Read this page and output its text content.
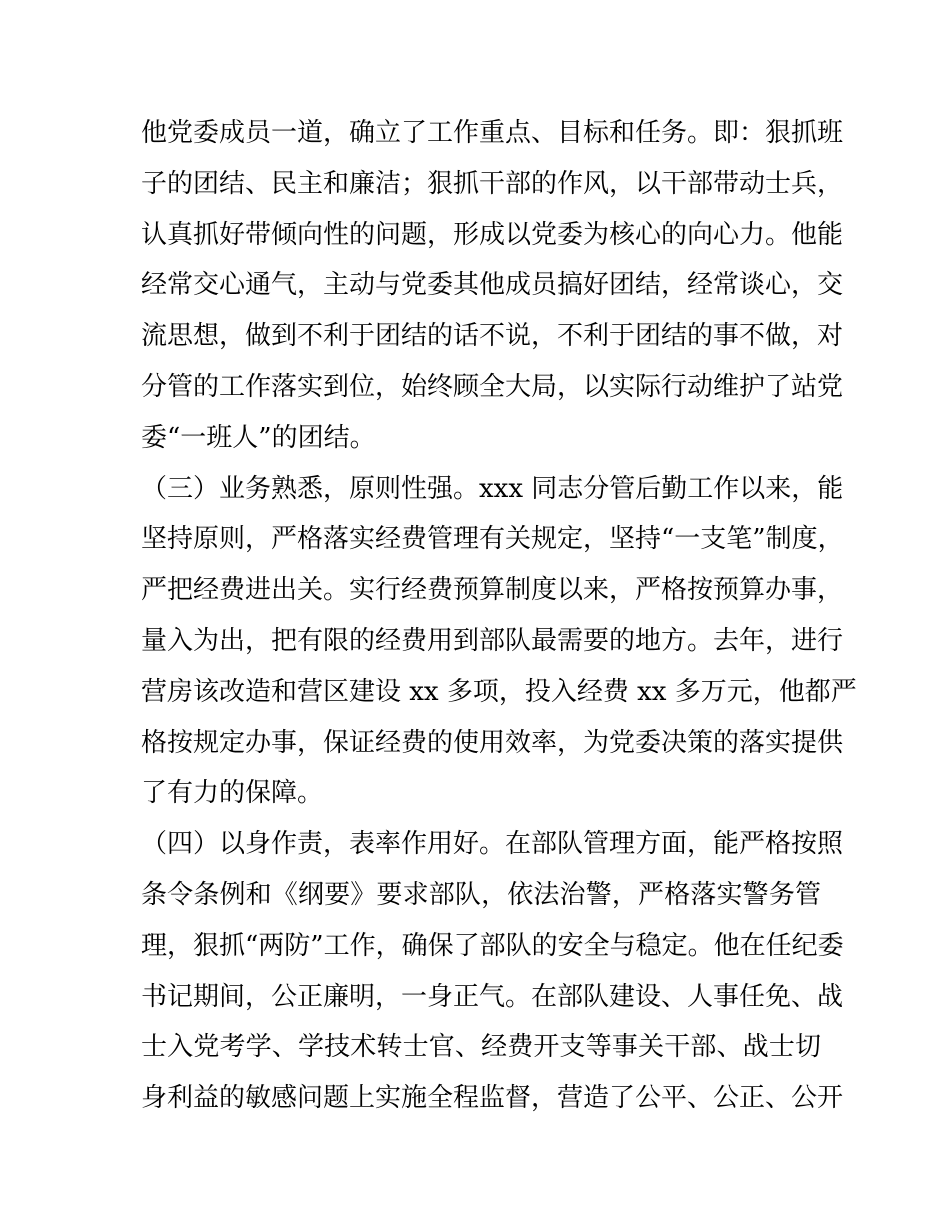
他党委成员一道，确立了工作重点、目标和任务。即：狠抓班
子的团结、民主和廉洁；狠抓干部的作风，以干部带动士兵，
认真抓好带倾向性的问题，形成以党委为核心的向心力。他能
经常交心通气，主动与党委其他成员搞好团结，经常谈心，交
流思想，做到不利于团结的话不说，不利于团结的事不做，对
分管的工作落实到位，始终顾全大局，以实际行动维护了站党
委“一班人”的团结。
（三）业务熟悉，原则性强。xxx 同志分管后勤工作以来，能
坚持原则，严格落实经费管理有关规定，坚持“一支笔”制度，
严把经费进出关。实行经费预算制度以来，严格按预算办事，
量入为出，把有限的经费用到部队最需要的地方。去年，进行
营房该改造和营区建设 xx 多项，投入经费 xx 多万元，他都严
格按规定办事，保证经费的使用效率，为党委决策的落实提供
了有力的保障。
（四）以身作责，表率作用好。在部队管理方面，能严格按照
条令条例和《纲要》要求部队，依法治警，严格落实警务管
理，狠抓“两防”工作，确保了部队的安全与稳定。他在任纪委
书记期间，公正廉明，一身正气。在部队建设、人事任免、战
士入党考学、学技术转士官、经费开支等事关干部、战士切
身利益的敏感问题上实施全程监督，营造了公平、公正、公开
